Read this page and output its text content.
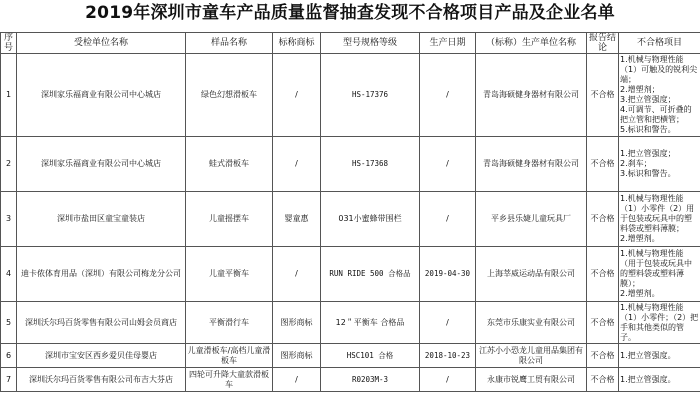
2019年深圳市童车产品质量监督抽查发现不合格项目产品及企业名单
序号	受检单位名称	样品名称	标称商标	型号规格等级	生产日期	（标称）生产单位名称	报告结论	不合格项目
1	深圳家乐福商业有限公司中心城店	绿色幻想滑板车	/	HS-17376	/	青岛海硕健身器材有限公司	不合格	1.机械与物理性能（1）可触及的锐利尖端；
2.增塑剂；
3.把立管强度；
4.可调节、可折叠的把立管和把横管；
5.标识和警告。
2	深圳家乐福商业有限公司中心城店	蛙式滑板车	/	HS-17368	/	青岛海硕健身器材有限公司	不合格	1.把立管强度；
2.刹车；
3.标识和警告。
3	深圳市盐田区童宝童装店	儿童摇摆车	婴童惠	031小蜜蜂带围栏	/	平乡县乐婕儿童玩具厂	不合格	1.机械与物理性能（1）小零件（2）用于包装或玩具中的塑料袋或塑料薄膜；
2.增塑剂。
4	迪卡侬体育用品（深圳）有限公司梅龙分公司	儿童平衡车	/	RUN RIDE 500 合格品	2019-04-30	上海莘威运动品有限公司	不合格	1.机械与物理性能（用于包装或玩具中的塑料袋或塑料薄膜）；
2.增塑剂。
5	深圳沃尔玛百货零售有限公司山姆会员商店	平衡滑行车	图形商标	12＂平衡车 合格品	/	东莞市乐康实业有限公司	不合格	1.机械与物理性能（1）小零件；（2）把手和其他类似的管子。
6	深圳市宝安区西乡爱贝佳母婴店	儿童滑板车/高档儿童滑板车	图形商标	HSC101 合格	2018-10-23	江苏小小恐龙儿童用品集团有限公司	不合格	1.把立管强度。
7	深圳沃尔玛百货零售有限公司布吉大芬店	四轮可升降大童款滑板车	/	R0203M-3	/	永康市锐鹰工贸有限公司	不合格	1.把立管强度。
